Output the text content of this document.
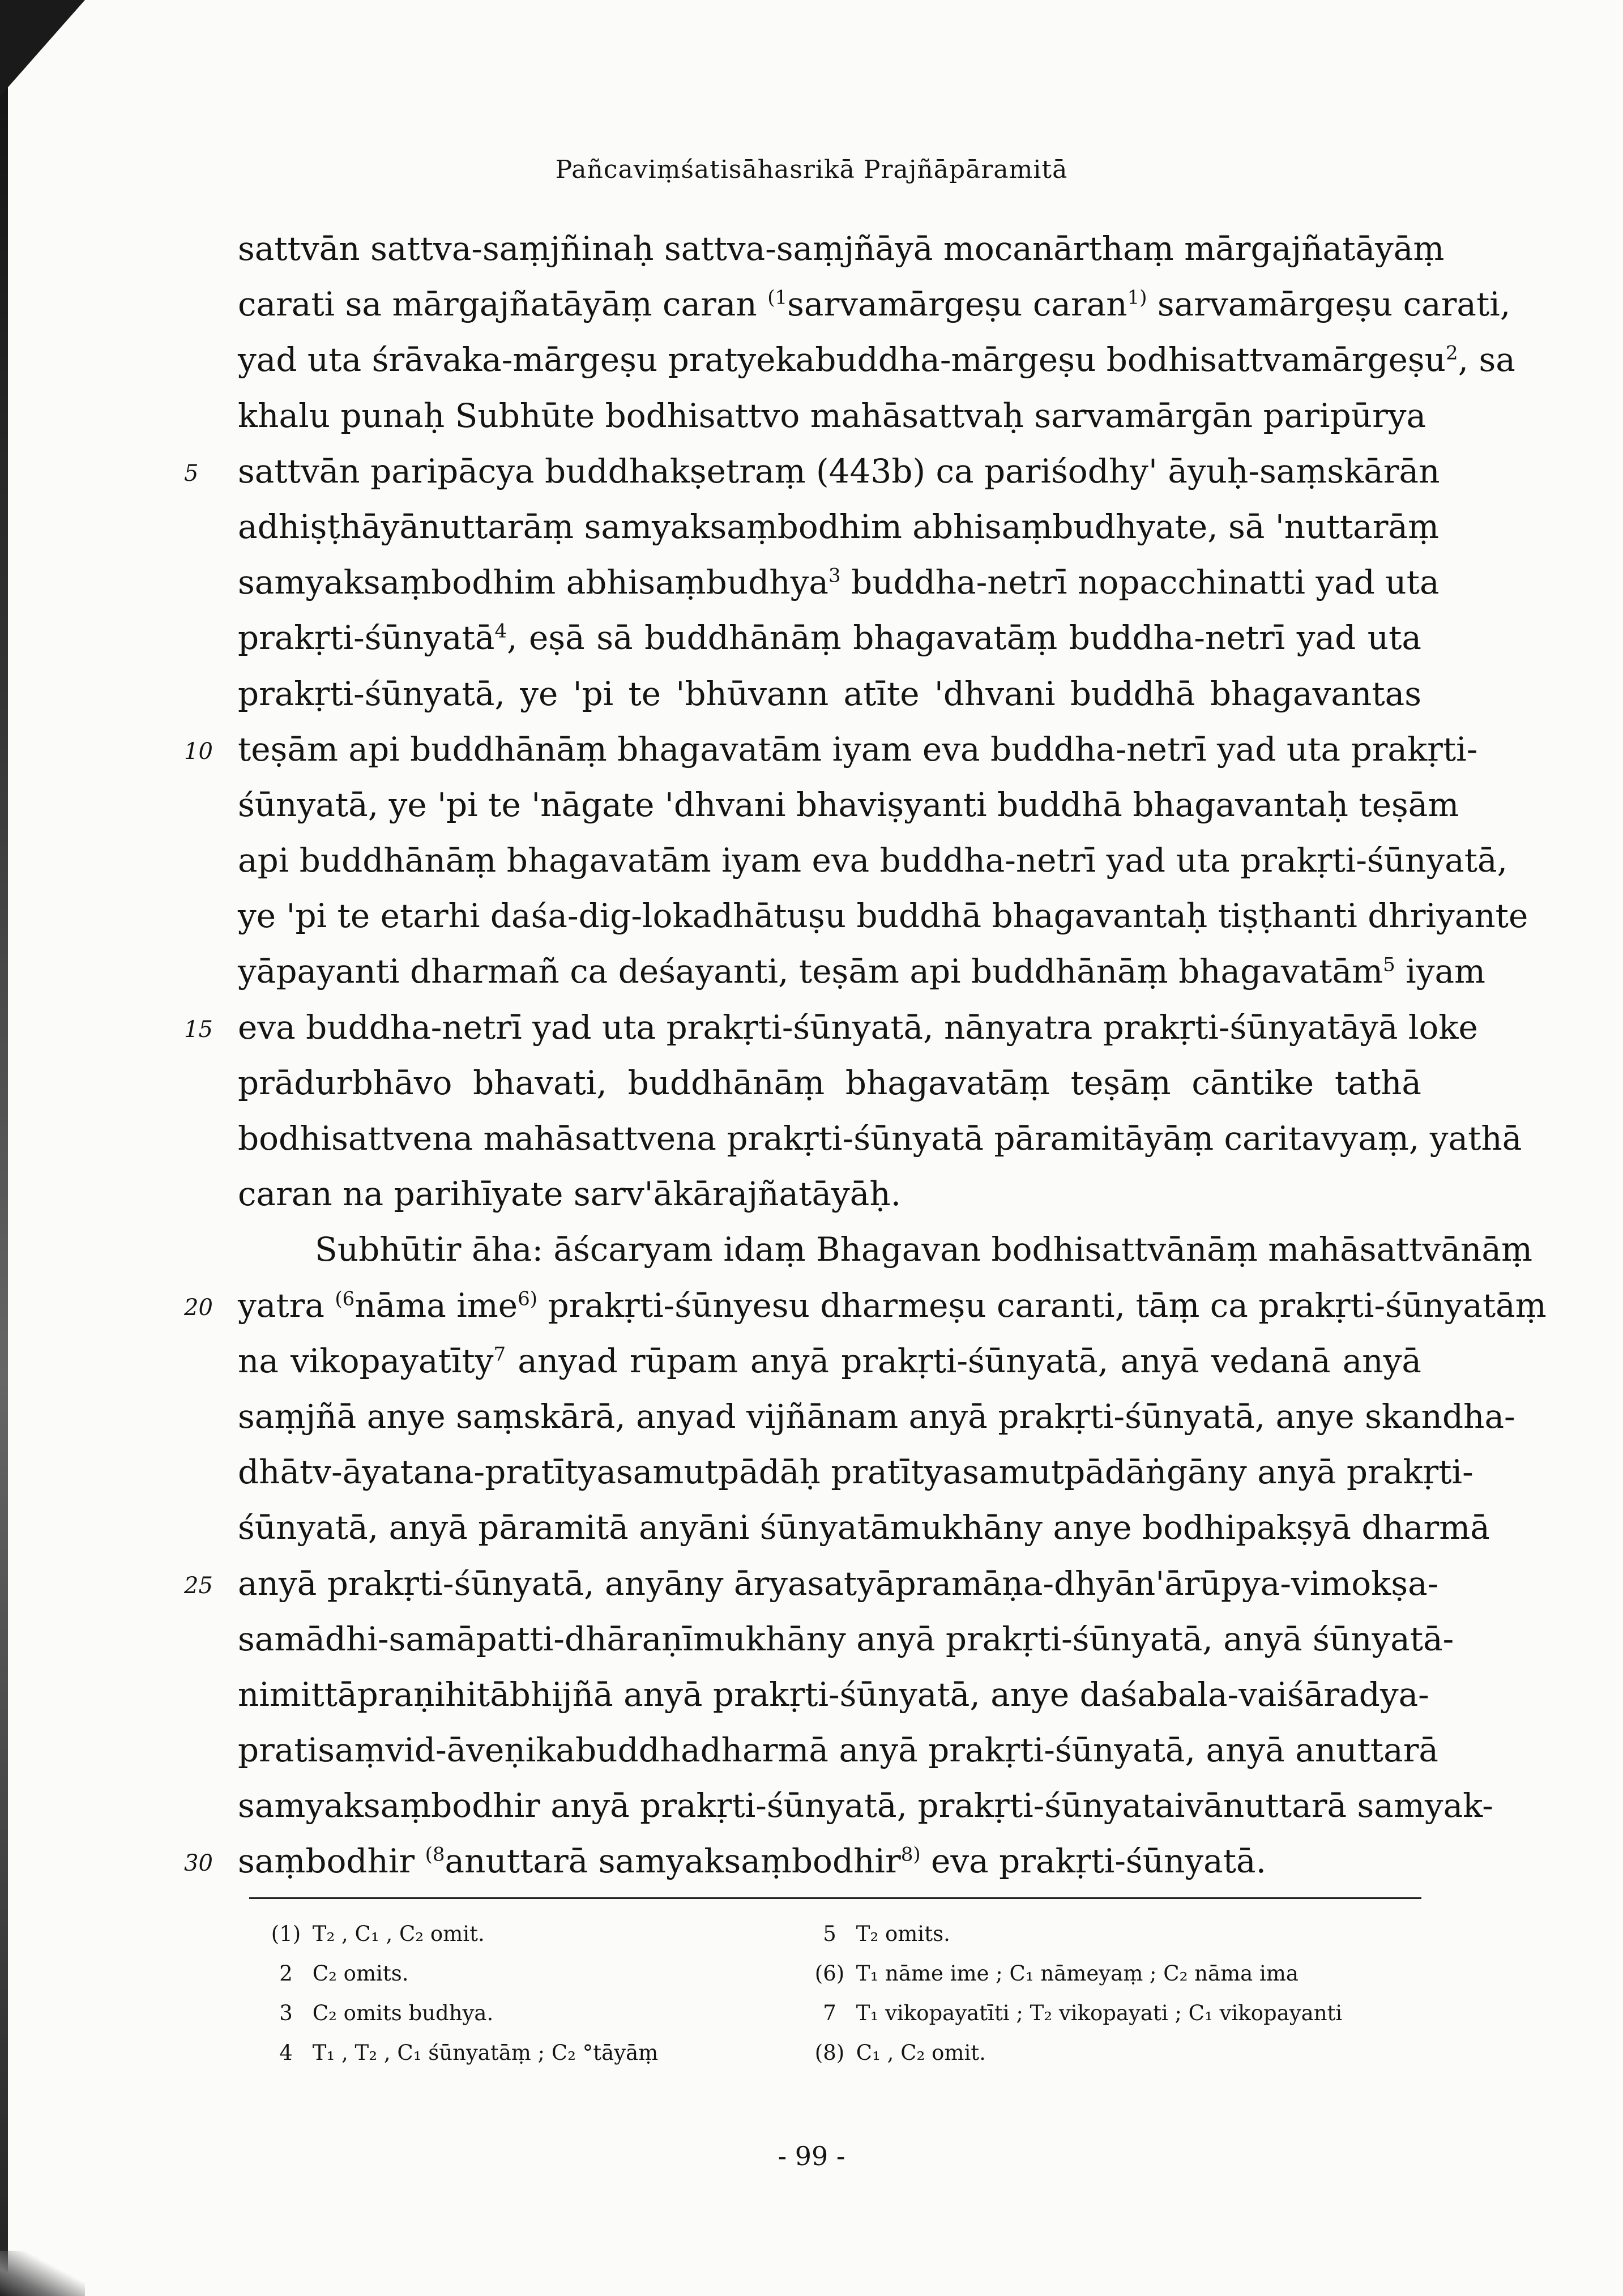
Pañcaviṃśatisāhasrikā Prajñāpāramitā
sattvān sattva-saṃjñinaḥ sattva-saṃjñāyā mocanārthaṃ mārgajñatāyāṃ
carati sa mārgajñatāyāṃ caran $^{(1}$sarvamārgeṣu caran$^{1)}$ sarvamārgeṣu carati,
yad uta śrāvaka-mārgeṣu pratyekabuddha-mārgeṣu bodhisattvamārgeṣu$^2$, sa
khalu punaḥ Subhūte bodhisattvo mahāsattvaḥ sarvamārgān paripūrya
5	sattvān paripācya buddhakṣetraṃ (443b) ca pariśodhy' āyuḥ-saṃskārān
adhiṣṭhāyānuttarāṃ samyaksaṃbodhim abhisaṃbudhyate, sā 'nuttarāṃ
samyaksaṃbodhim abhisaṃbudhya$^3$ buddha-netrī nopacchinatti yad uta
prakṛti-śūnyatā$^4$, eṣā sā buddhānāṃ bhagavatāṃ buddha-netrī yad uta
prakṛti-śūnyatā, ye 'pi te 'bhūvann atīte 'dhvani buddhā bhagavantas
10 teṣām api buddhānāṃ bhagavatām iyam eva buddha-netrī yad uta prakṛti-
śūnyatā, ye 'pi te 'nāgate 'dhvani bhaviṣyanti buddhā bhagavantaḥ teṣām
api buddhānāṃ bhagavatām iyam eva buddha-netrī yad uta prakṛti-śūnyatā,
ye 'pi te etarhi daśa-dig-lokadhātuṣu buddhā bhagavantaḥ tiṣṭhanti dhriyante
yāpayanti dharmañ ca deśayanti, teṣām api buddhānāṃ bhagavatām$^5$ iyam
15 eva buddha-netrī yad uta prakṛti-śūnyatā, nānyatra prakṛti-śūnyatāyā loke
prādurbhāvo bhavati, buddhānāṃ bhagavatāṃ teṣāṃ cāntike tathā
bodhisattvena mahāsattvena prakṛti-śūnyatā pāramitāyāṃ caritavyaṃ, yathā
caran na parihīyate sarv'ākārajñatāyāḥ.
Subhūtir āha: āścaryam idaṃ Bhagavan bodhisattvānāṃ mahāsattvānāṃ
20 yatra $^{(6}$nāma ime$^{6)}$ prakṛti-śūnyesu dharmeṣu caranti, tāṃ ca prakṛti-śūnyatāṃ
na vikopayatīty$^7$ anyad rūpam anyā prakṛti-śūnyatā, anyā vedanā anyā
saṃjñā anye saṃskārā, anyad vijñānam anyā prakṛti-śūnyatā, anye skandha-
dhātv-āyatana-pratītyasamutpādāḥ pratītyasamutpādāṅgāny anyā prakṛti-
śūnyatā, anyā pāramitā anyāni śūnyatāmukhāny anye bodhipakṣyā dharmā
25 anyā prakṛti-śūnyatā, anyāny āryasatyāpramāṇa-dhyān'ārūpya-vimokṣa-
samādhi-samāpatti-dhāraṇīmukhāny anyā prakṛti-śūnyatā, anyā śūnyatā-
nimittāpraṇihitābhijñā anyā prakṛti-śūnyatā, anye daśabala-vaiśāradya-
pratisaṃvid-āveṇikabuddhadharmā anyā prakṛti-śūnyatā, anyā anuttarā
samyaksaṃbodhir anyā prakṛti-śūnyatā, prakṛti-śūnyataivānuttarā samyak-
30 saṃbodhir $^{(8}$anuttarā samyaksaṃbodhir$^{8)}$ eva prakṛti-śūnyatā.
(1) T₂ , C₁ , C₂ omit.
2 C₂ omits.
3 C₂ omits budhya.
4 T₁ , T₂ , C₁ śūnyatāṃ ; C₂ °tāyāṃ
5 T₂ omits.
(6) T₁ nāme ime ; C₁ nāmeyaṃ ; C₂ nāma ima
7 T₁ vikopayatīti ; T₂ vikopayati ; C₁ vikopayanti
(8) C₁ , C₂ omit.
- 99 -
